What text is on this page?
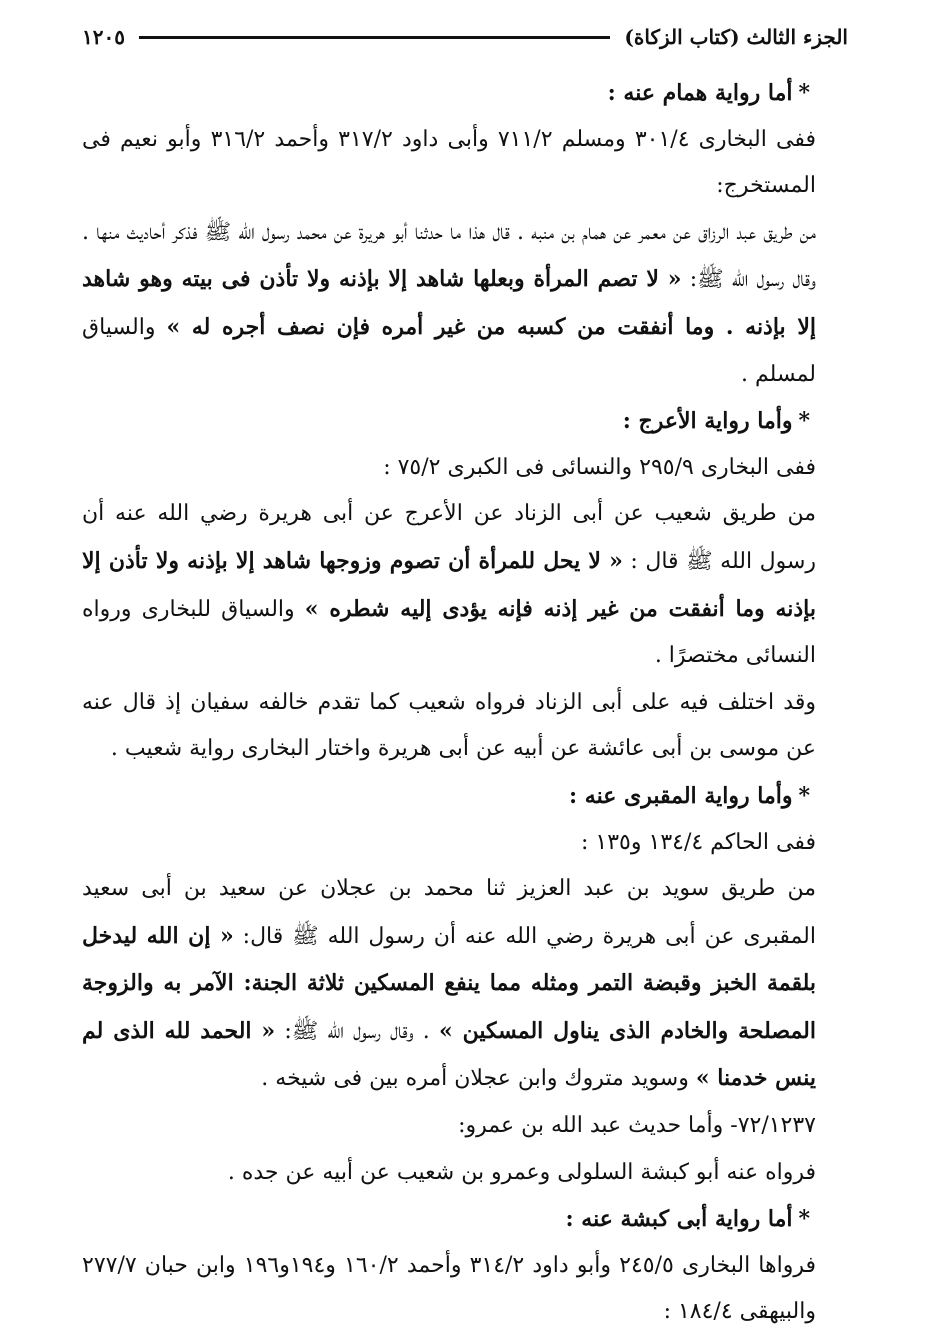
الجزء الثالث (كتاب الزكاة)
١٢٠٥
*أما رواية همام عنه :
ففى البخارى ٣٠١/٤ ومسلم ٧١١/٢ وأبى داود ٣١٧/٢ وأحمد ٣١٦/٢ وأبو نعيم فى المستخرج:
من طريق عبد الرزاق عن معمر عن همام بن منبه . قال هذا ما حدثنا أبو هريرة عن محمد رسول الله ﷺ فذكر أحاديث منها . وقال رسول الله ﷺ: « لا تصم المرأة وبعلها شاهد إلا بإذنه ولا تأذن فى بيته وهو شاهد إلا بإذنه . وما أنفقت من كسبه من غير أمره فإن نصف أجره له » والسياق لمسلم .
*وأما رواية الأعرج :
ففى البخارى ٢٩٥/٩ والنسائى فى الكبرى ٧٥/٢ :
من طريق شعيب عن أبى الزناد عن الأعرج عن أبى هريرة رضي الله عنه أن رسول الله ﷺ قال : « لا يحل للمرأة أن تصوم وزوجها شاهد إلا بإذنه ولا تأذن إلا بإذنه وما أنفقت من غير إذنه فإنه يؤدى إليه شطره » والسياق للبخارى ورواه النسائى مختصرًا .
وقد اختلف فيه على أبى الزناد فرواه شعيب كما تقدم خالفه سفيان إذ قال عنه عن موسى بن أبى عائشة عن أبيه عن أبى هريرة واختار البخارى رواية شعيب .
*وأما رواية المقبرى عنه :
ففى الحاكم ١٣٤/٤ و١٣٥ :
من طريق سويد بن عبد العزيز ثنا محمد بن عجلان عن سعيد بن أبى سعيد المقبرى عن أبى هريرة رضي الله عنه أن رسول الله ﷺ قال: « إن الله ليدخل بلقمة الخبز وقبضة التمر ومثله مما ينفع المسكين ثلاثة الجنة: الآمر به والزوجة المصلحة والخادم الذى يناول المسكين » . وقال رسول الله ﷺ: « الحمد لله الذى لم ينس خدمنا » وسويد متروك وابن عجلان أمره بين فى شيخه .
٧٢/١٢٣٧- وأما حديث عبد الله بن عمرو:
فرواه عنه أبو كبشة السلولى وعمرو بن شعيب عن أبيه عن جده .
*أما رواية أبى كبشة عنه :
فرواها البخارى ٢٤٥/٥ وأبو داود ٣١٤/٢ وأحمد ١٦٠/٢ و١٩٤و١٩٦ وابن حبان ٢٧٧/٧ والبيهقى ١٨٤/٤ :
